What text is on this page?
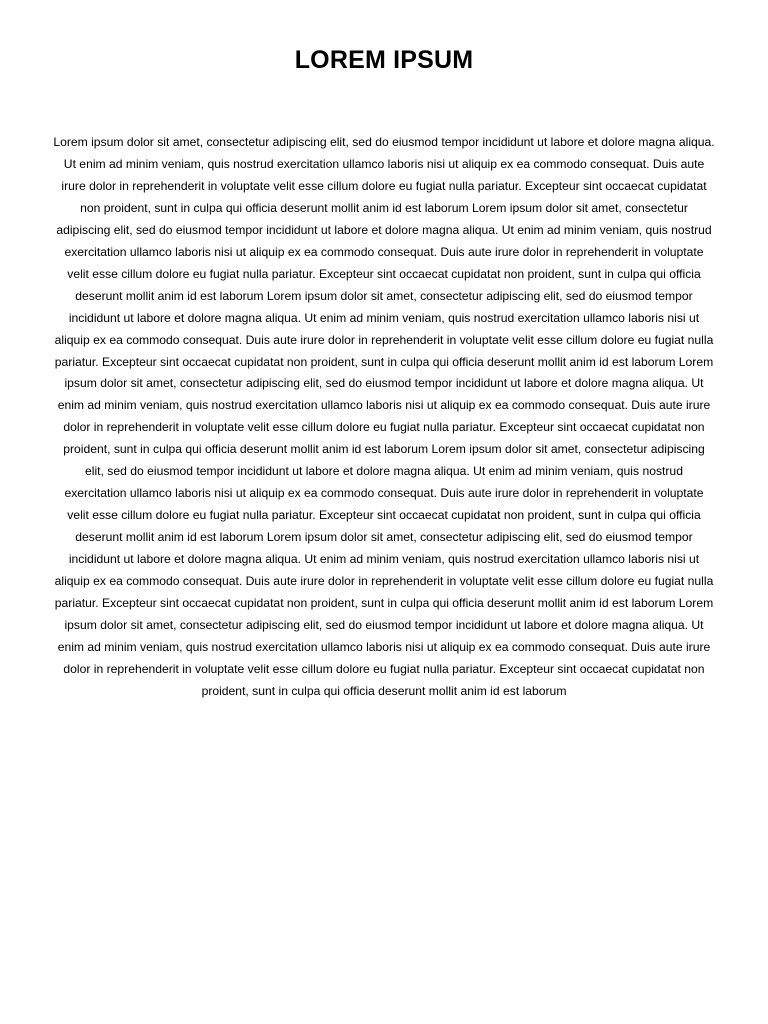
LOREM IPSUM

Lorem ipsum dolor sit amet, consectetur adipiscing elit, sed do eiusmod tempor incididunt ut labore et dolore magna aliqua. Ut enim ad minim veniam, quis nostrud exercitation ullamco laboris nisi ut aliquip ex ea commodo consequat. Duis aute irure dolor in reprehenderit in voluptate velit esse cillum dolore eu fugiat nulla pariatur. Excepteur sint occaecat cupidatat non proident, sunt in culpa qui officia deserunt mollit anim id est laborum Lorem ipsum dolor sit amet, consectetur adipiscing elit, sed do eiusmod tempor incididunt ut labore et dolore magna aliqua. Ut enim ad minim veniam, quis nostrud exercitation ullamco laboris nisi ut aliquip ex ea commodo consequat. Duis aute irure dolor in reprehenderit in voluptate velit esse cillum dolore eu fugiat nulla pariatur. Excepteur sint occaecat cupidatat non proident, sunt in culpa qui officia deserunt mollit anim id est laborum Lorem ipsum dolor sit amet, consectetur adipiscing elit, sed do eiusmod tempor incididunt ut labore et dolore magna aliqua. Ut enim ad minim veniam, quis nostrud exercitation ullamco laboris nisi ut aliquip ex ea commodo consequat. Duis aute irure dolor in reprehenderit in voluptate velit esse cillum dolore eu fugiat nulla pariatur. Excepteur sint occaecat cupidatat non proident, sunt in culpa qui officia deserunt mollit anim id est laborum Lorem ipsum dolor sit amet, consectetur adipiscing elit, sed do eiusmod tempor incididunt ut labore et dolore magna aliqua. Ut enim ad minim veniam, quis nostrud exercitation ullamco laboris nisi ut aliquip ex ea commodo consequat. Duis aute irure dolor in reprehenderit in voluptate velit esse cillum dolore eu fugiat nulla pariatur. Excepteur sint occaecat cupidatat non proident, sunt in culpa qui officia deserunt mollit anim id est laborum Lorem ipsum dolor sit amet, consectetur adipiscing elit, sed do eiusmod tempor incididunt ut labore et dolore magna aliqua. Ut enim ad minim veniam, quis nostrud exercitation ullamco laboris nisi ut aliquip ex ea commodo consequat. Duis aute irure dolor in reprehenderit in voluptate velit esse cillum dolore eu fugiat nulla pariatur. Excepteur sint occaecat cupidatat non proident, sunt in culpa qui officia deserunt mollit anim id est laborum Lorem ipsum dolor sit amet, consectetur adipiscing elit, sed do eiusmod tempor incididunt ut labore et dolore magna aliqua. Ut enim ad minim veniam, quis nostrud exercitation ullamco laboris nisi ut aliquip ex ea commodo consequat. Duis aute irure dolor in reprehenderit in voluptate velit esse cillum dolore eu fugiat nulla pariatur. Excepteur sint occaecat cupidatat non proident, sunt in culpa qui officia deserunt mollit anim id est laborum Lorem ipsum dolor sit amet, consectetur adipiscing elit, sed do eiusmod tempor incididunt ut labore et dolore magna aliqua. Ut enim ad minim veniam, quis nostrud exercitation ullamco laboris nisi ut aliquip ex ea commodo consequat. Duis aute irure dolor in reprehenderit in voluptate velit esse cillum dolore eu fugiat nulla pariatur. Excepteur sint occaecat cupidatat non proident, sunt in culpa qui officia deserunt mollit anim id est laborum
